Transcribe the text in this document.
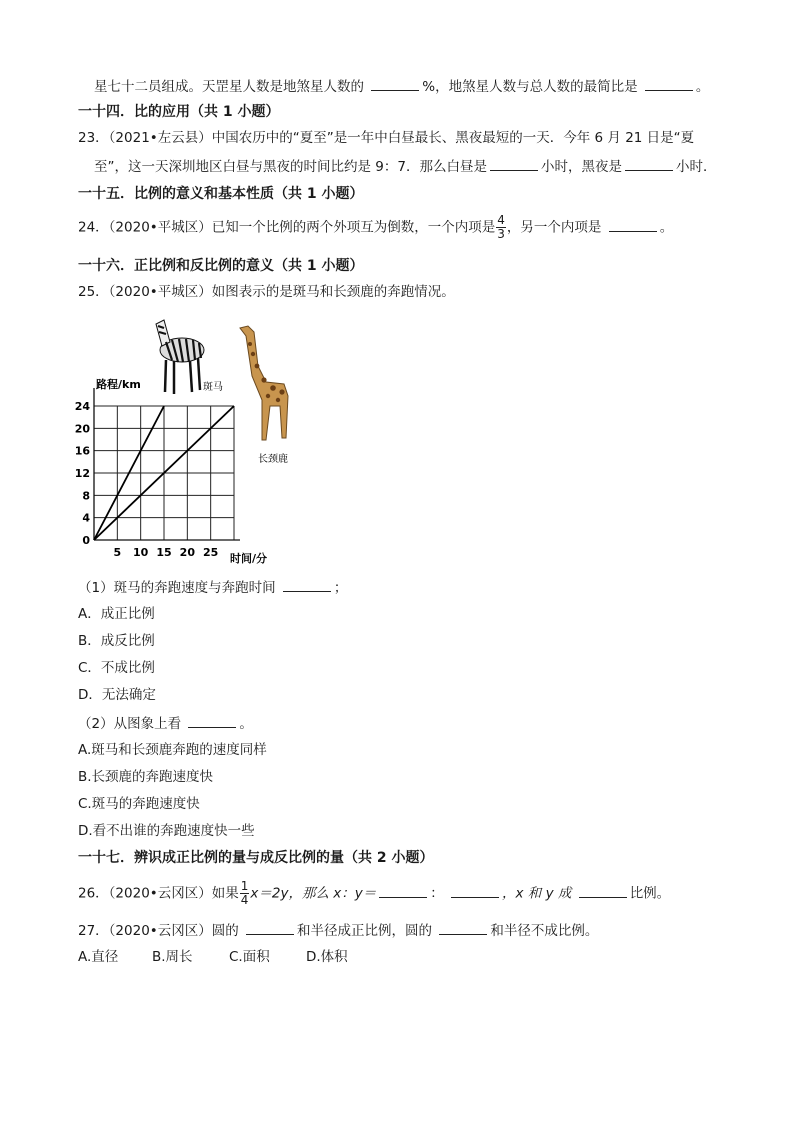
星七十二员组成。天罡星人数是地煞星人数的	%，地煞星人数与总人数的最简比是	。
一十四．比的应用（共 1 小题）
23．（2021•左云县）中国农历中的“夏至”是一年中白昼最长、黑夜最短的一天．今年 6 月 21 日是“夏
至”，这一天深圳地区白昼与黑夜的时间比约是 9：7．那么白昼是	小时，黑夜是	小时．
一十五．比例的意义和基本性质（共 1 小题）
24．（2020•平城区）已知一个比例的两个外项互为倒数，一个内项是 $\frac{4}{3}$ ，另一个内项是	。
一十六．正比例和反比例的意义（共 1 小题）
25．（2020•平城区）如图表示的是斑马和长颈鹿的奔跑情况。
斑马
长颈鹿
0
4
8
12
16
20
24
5 10 15 20 25
路程/km
时间/分
（1）斑马的奔跑速度与奔跑时间	；
A．成正比例
B．成反比例
C．不成比例
D．无法确定
（2）从图象上看	。
A.斑马和长颈鹿奔跑的速度同样
B.长颈鹿的奔跑速度快
C.斑马的奔跑速度快
D.看不出谁的奔跑速度快一些
一十七．辨识成正比例的量与成反比例的量（共 2 小题）
26．（2020•云冈区）如果 $\frac{1}{4} x=2y$，那么 x：y＝	：	，x 和 y 成	比例。
27．（2020•云冈区）圆的	和半径成正比例，圆的	和半径不成比例。
A.直径 B.周长	C.面积	D.体积
